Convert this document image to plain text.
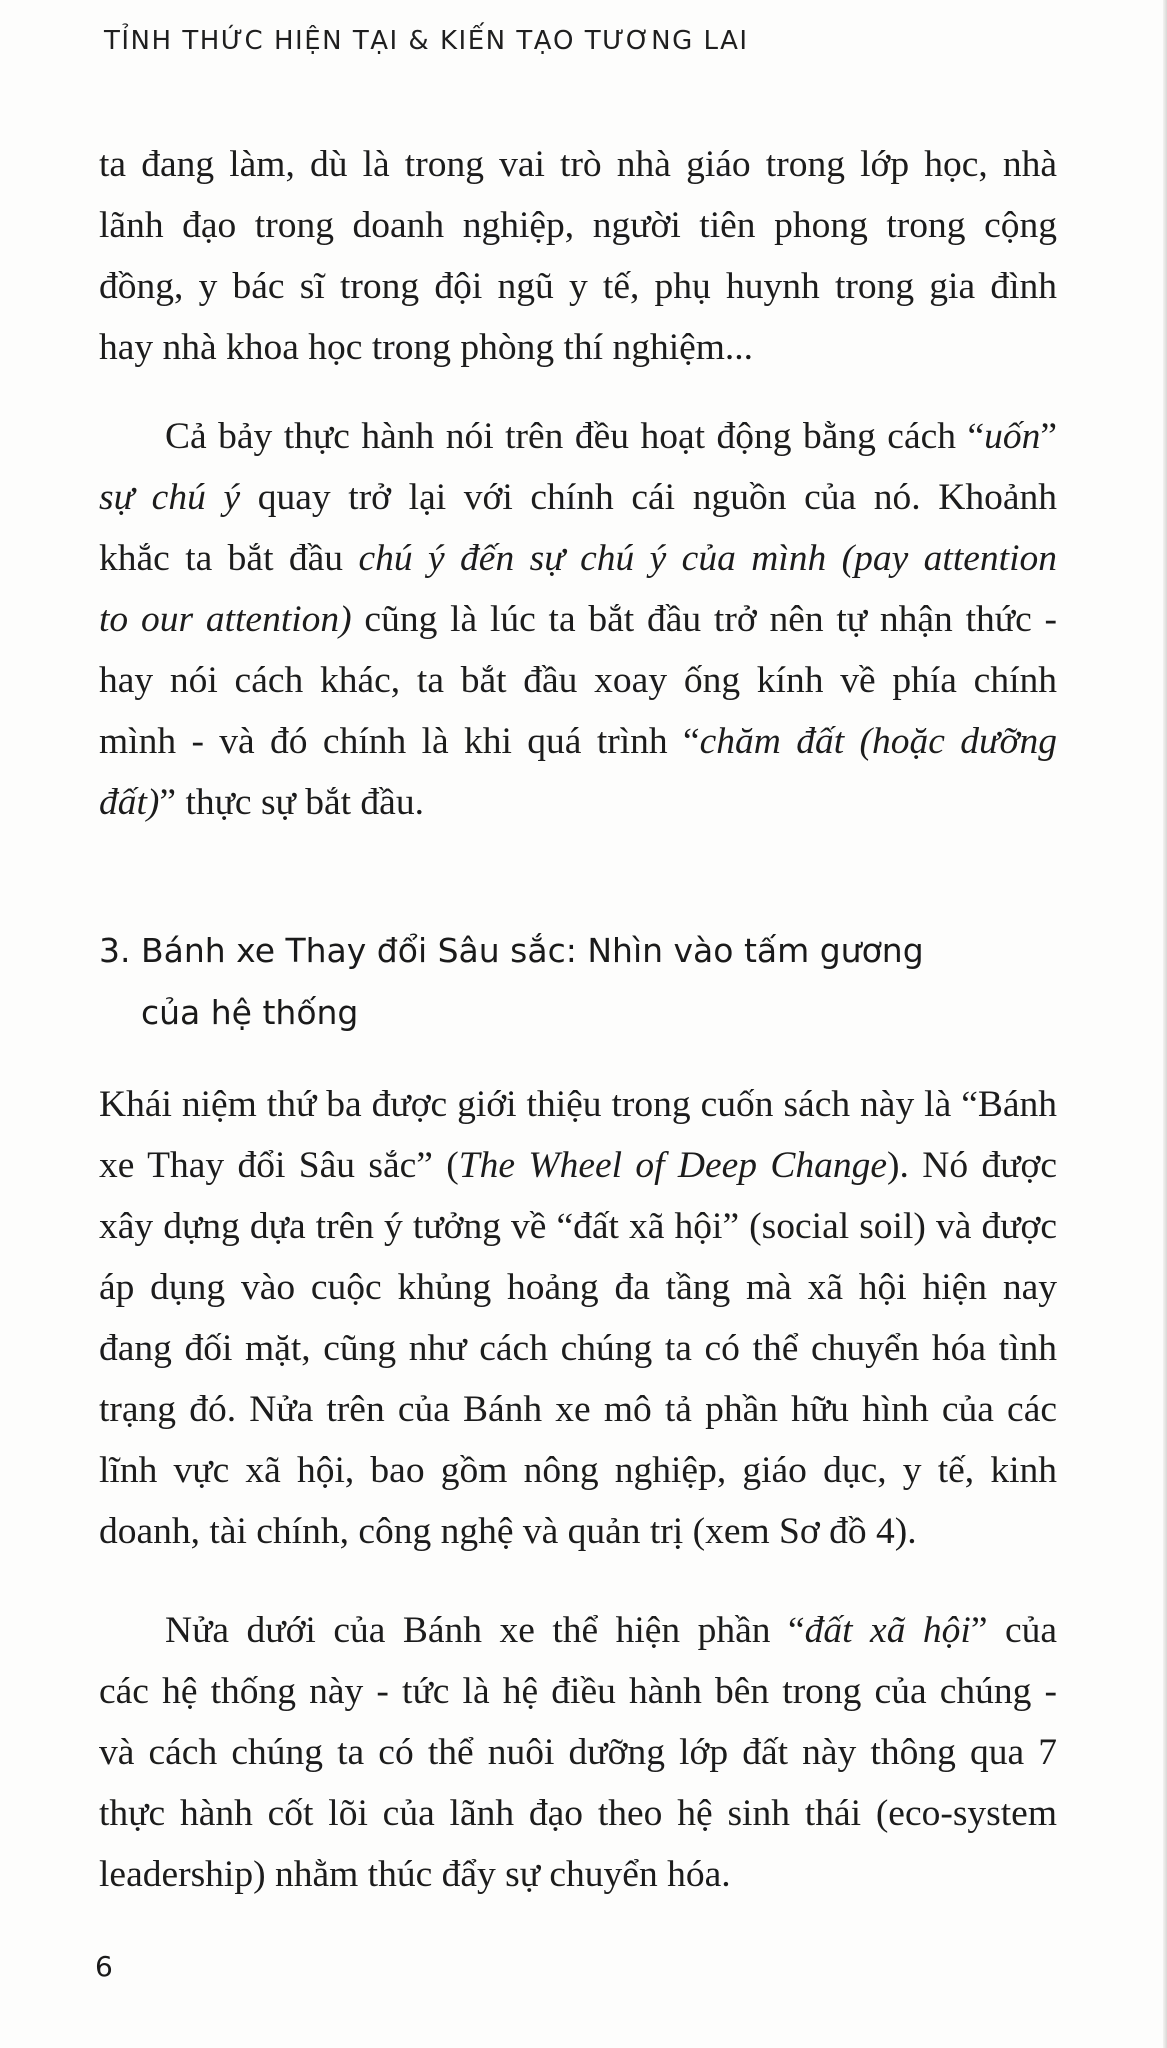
TỈNH THỨC HIỆN TẠI & KIẾN TẠO TƯƠNG LAI
ta đang làm, dù là trong vai trò nhà giáo trong lớp học, nhà
lãnh đạo trong doanh nghiệp, người tiên phong trong cộng
đồng, y bác sĩ trong đội ngũ y tế, phụ huynh trong gia đình
hay nhà khoa học trong phòng thí nghiệm...
Cả bảy thực hành nói trên đều hoạt động bằng cách “uốn”
sự chú ý quay trở lại với chính cái nguồn của nó. Khoảnh
khắc ta bắt đầu chú ý đến sự chú ý của mình (pay attention
to our attention) cũng là lúc ta bắt đầu trở nên tự nhận thức -
hay nói cách khác, ta bắt đầu xoay ống kính về phía chính
mình - và đó chính là khi quá trình “chăm đất (hoặc dưỡng
đất)” thực sự bắt đầu.
3. Bánh xe Thay đổi Sâu sắc: Nhìn vào tấm gương
của hệ thống
Khái niệm thứ ba được giới thiệu trong cuốn sách này là “Bánh
xe Thay đổi Sâu sắc” (The Wheel of Deep Change). Nó được
xây dựng dựa trên ý tưởng về “đất xã hội” (social soil) và được
áp dụng vào cuộc khủng hoảng đa tầng mà xã hội hiện nay
đang đối mặt, cũng như cách chúng ta có thể chuyển hóa tình
trạng đó. Nửa trên của Bánh xe mô tả phần hữu hình của các
lĩnh vực xã hội, bao gồm nông nghiệp, giáo dục, y tế, kinh
doanh, tài chính, công nghệ và quản trị (xem Sơ đồ 4).
Nửa dưới của Bánh xe thể hiện phần “đất xã hội” của
các hệ thống này - tức là hệ điều hành bên trong của chúng -
và cách chúng ta có thể nuôi dưỡng lớp đất này thông qua 7
thực hành cốt lõi của lãnh đạo theo hệ sinh thái (eco-system
leadership) nhằm thúc đẩy sự chuyển hóa.
6
